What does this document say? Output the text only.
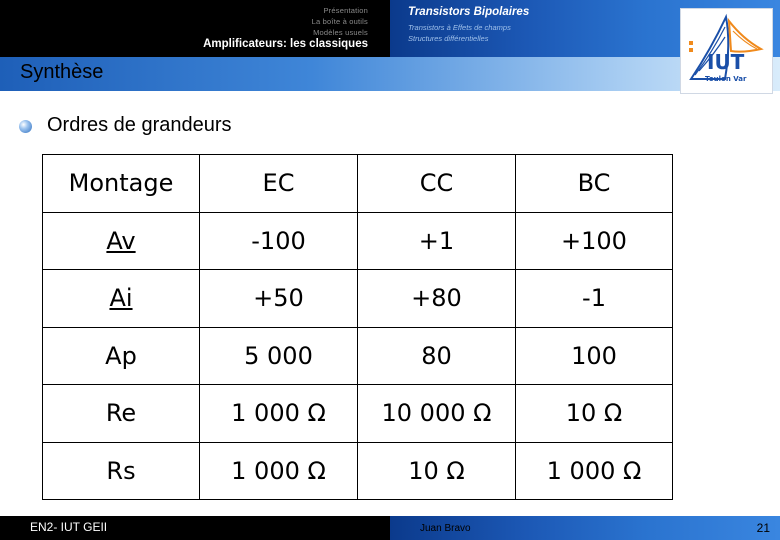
Présentation
La boîte à outils
Modèles usuels
Amplificateurs: les classiques
Transistors Bipolaires
Transistors à Effets de champs
Structures différentielles
Synthèse	IUT
Toulon Var
Ordres de grandeurs
Montage	EC	CC	BC
Av	-100	+1	+100
Ai	+50	+80	-1
Ap	5 000	80	100
Re	1 000 Ω	10 000 Ω	10 Ω
Rs	1 000 Ω	10 Ω	1 000 Ω
EN2- IUT GEII	Juan Bravo	21
